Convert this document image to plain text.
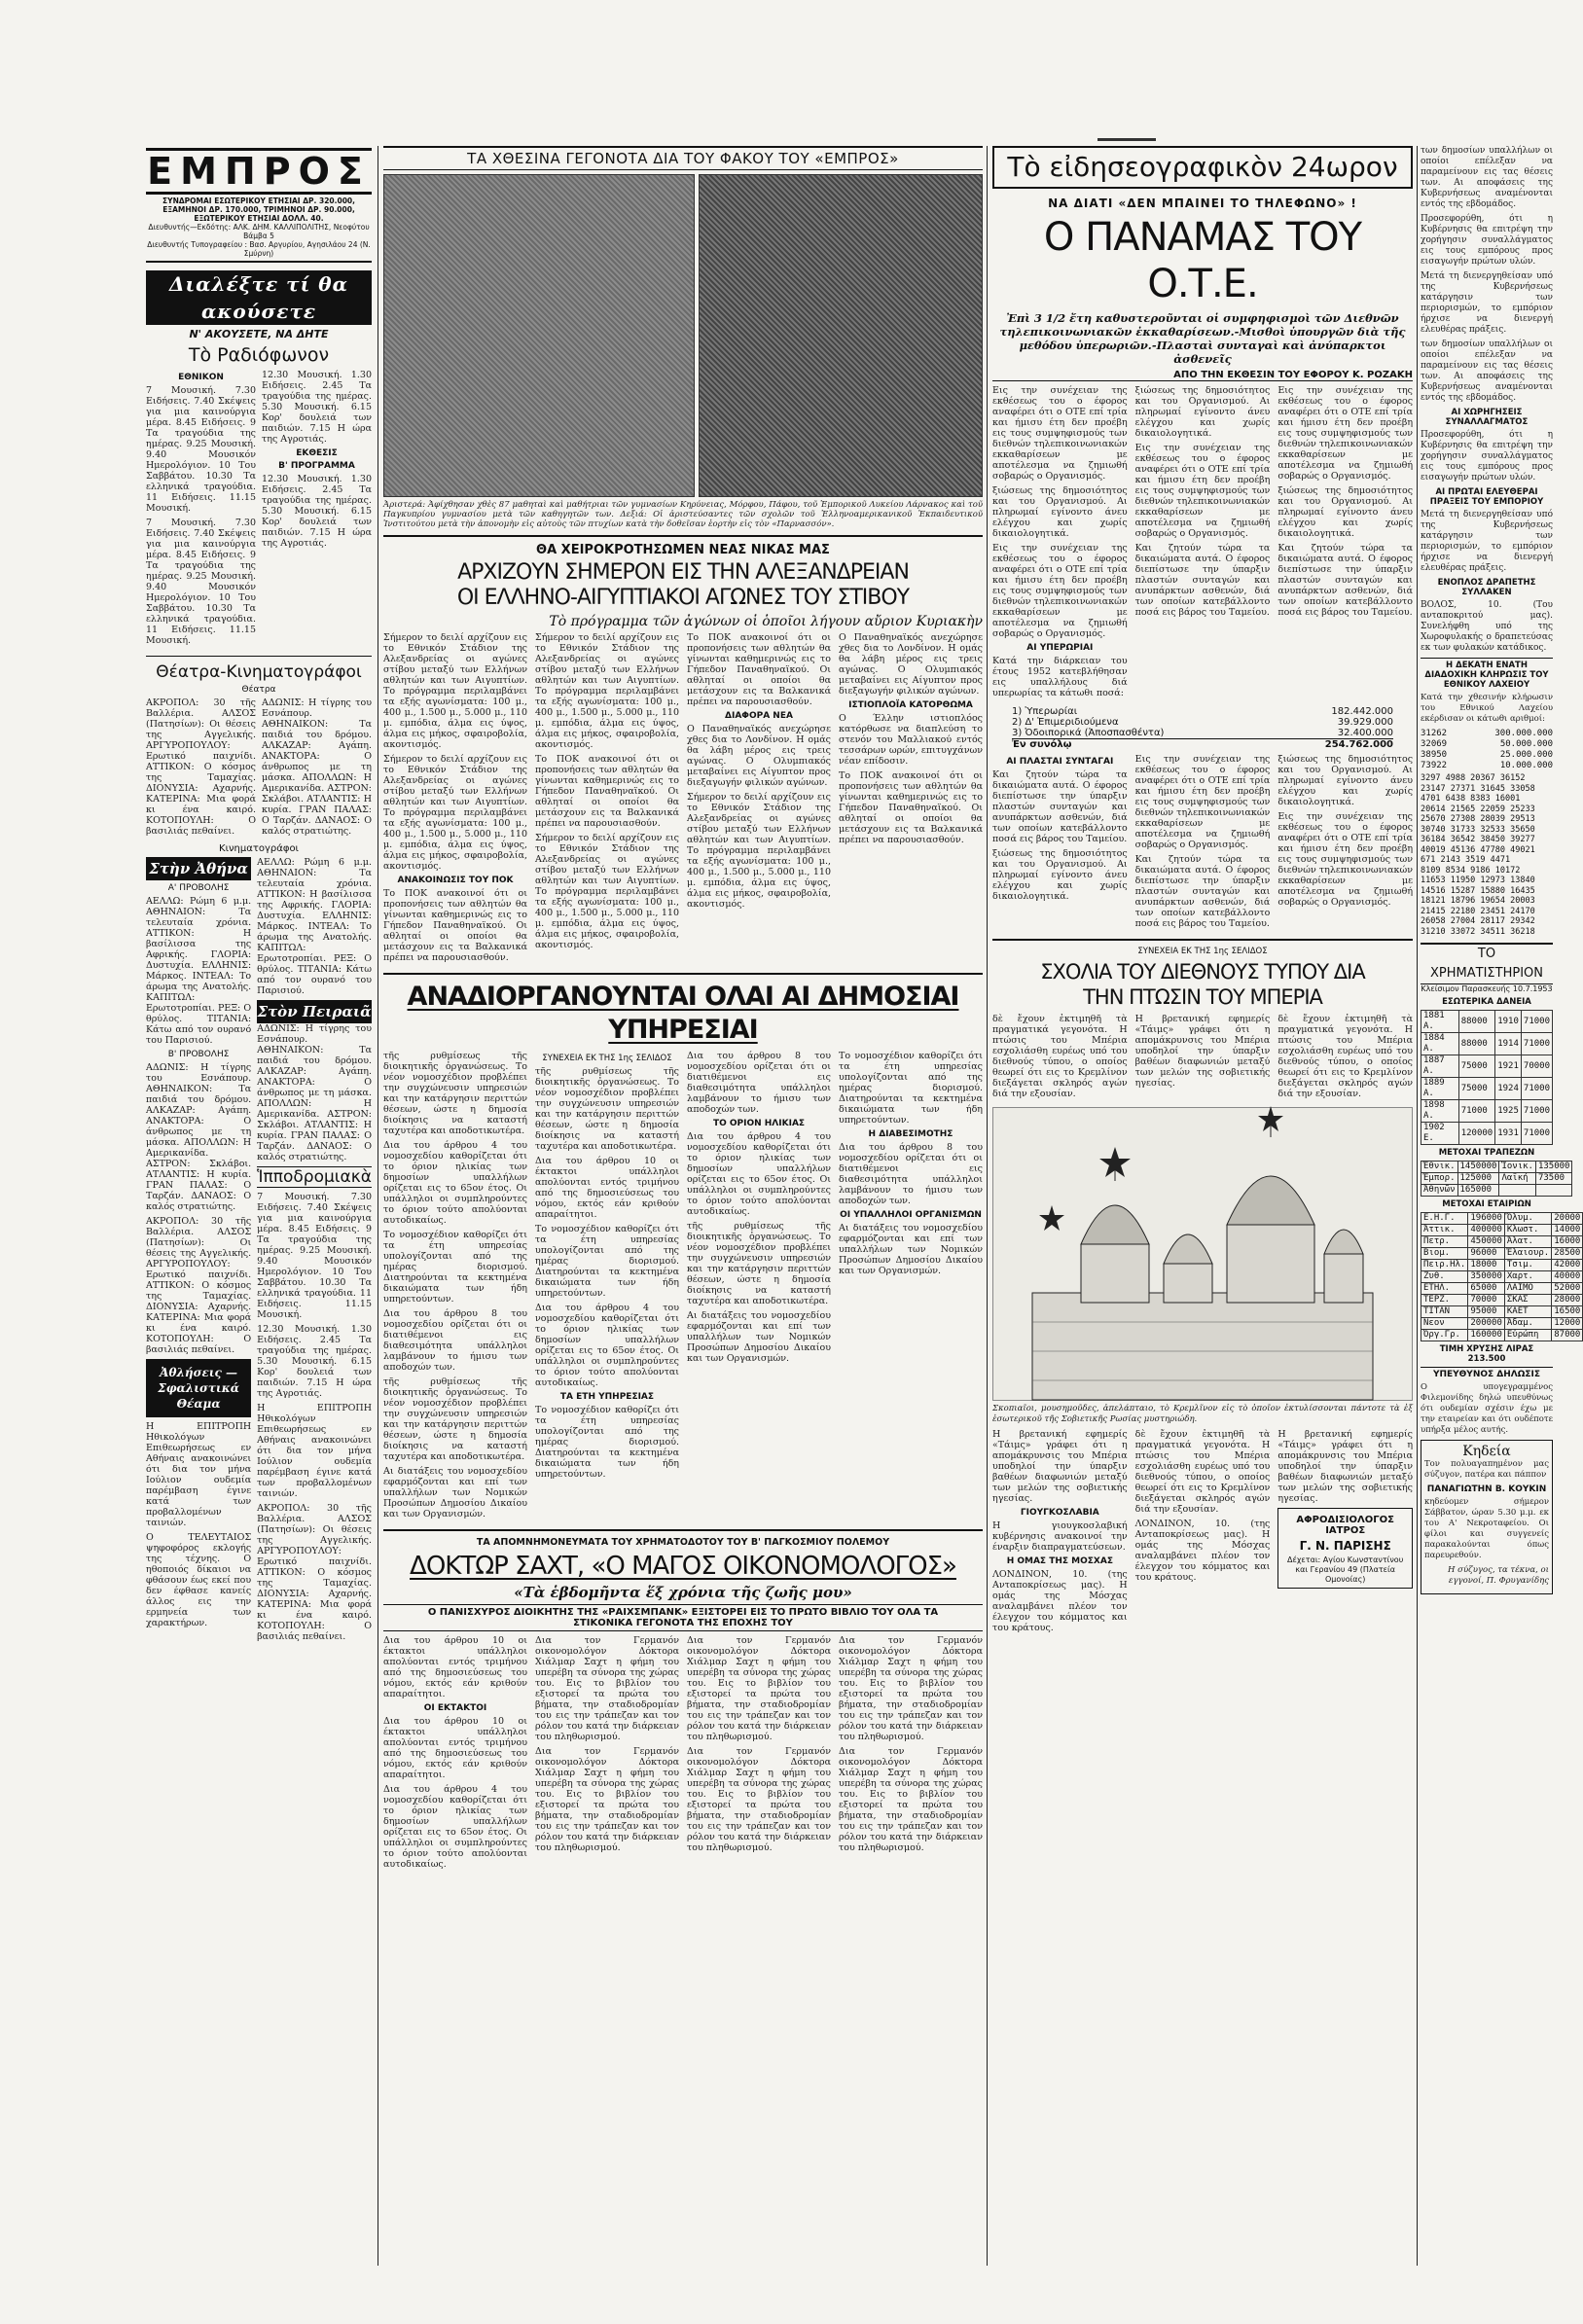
ΕΜΠΡΟΣ
ΣΥΝΔΡΟΜΑΙ ΕΣΩΤΕΡΙΚΟΥ ΕΤΗΣΙΑΙ ΔΡ. 320.000, ΕΞΑΜΗΝΟΙ ΔΡ. 170.000, ΤΡΙΜΗΝΟΙ ΔΡ. 90.000, ΕΞΩΤΕΡΙΚΟΥ ΕΤΗΣΙΑΙ ΔΟΛΛ. 40.
Διευθυντής—Εκδότης: ΑΛΚ. ΔΗΜ. ΚΑΛΛΙΠΟΛΙΤΗΣ, Νεοφύτου Βάμβα 5
Διευθυντής Τυπογραφείου : Βασ. Αργυρίου, Αγησιλάου 24 (Ν. Σμύρνη)
Διαλέξτε τί θα ακούσετε
Ν' ΑΚΟΥΣΕΤΕ, ΝΑ ΔΗΤΕ
Τὸ Ραδιόφωνον
ΕΘΝΙΚΟΝ

7 Μουσική. 7.30 Ειδήσεις. 7.40 Σκέψεις για μια καινούργια μέρα. 8.45 Ειδήσεις. 9 Τα τραγούδια της ημέρας. 9.25 Μουσική. 9.40 Μουσικόν Ημερολόγιον. 10 Του Σαββάτου. 10.30 Τα ελληνικά τραγούδια. 11 Ειδήσεις. 11.15 Μουσική.

7 Μουσική. 7.30 Ειδήσεις. 7.40 Σκέψεις για μια καινούργια μέρα. 8.45 Ειδήσεις. 9 Τα τραγούδια της ημέρας. 9.25 Μουσική. 9.40 Μουσικόν Ημερολόγιον. 10 Του Σαββάτου. 10.30 Τα ελληνικά τραγούδια. 11 Ειδήσεις. 11.15 Μουσική.

12.30 Μουσική. 1.30 Ειδήσεις. 2.45 Τα τραγούδια της ημέρας. 5.30 Μουσική. 6.15 Κορ' δουλειά των παιδιών. 7.15 Η ώρα της Αγροτιάς.

ΕΚΘΕΣΙΣ
Β' ΠΡΟΓΡΑΜΜΑ

12.30 Μουσική. 1.30 Ειδήσεις. 2.45 Τα τραγούδια της ημέρας. 5.30 Μουσική. 6.15 Κορ' δουλειά των παιδιών. 7.15 Η ώρα της Αγροτιάς.

Θέατρα-Κινηματογράφοι
Θέατρα

ΑΚΡΟΠΟΛ: 30 τῆς Βαλλέρια. ΑΛΣΟΣ (Πατησίων): Οι θέσεις της Αγγελικής. ΑΡΓΥΡΟΠΟΥΛΟΥ: Ερωτικό παιχνίδι. ΑΤΤΙΚΟΝ: Ο κόσμος της Ταμαχίας. ΔΙΟΝΥΣΙΑ: Αχαρνής. ΚΑΤΕΡΙΝΑ: Μια φορά κι ένα καιρό. ΚΟΤΟΠΟΥΛΗ: Ο βασιλιάς πεθαίνει.

ΑΔΩΝΙΣ: Η τίγρης του Εσνάπουρ. ΑΘΗΝΑΙΚΟΝ: Τα παιδιά του δρόμου. ΑΛΚΑΖΑΡ: Αγάπη. ΑΝΑΚΤΟΡΑ: Ο άνθρωπος με τη μάσκα. ΑΠΟΛΛΩΝ: Η Αμερικανίδα. ΑΣΤΡΟΝ: Σκλάβοι. ΑΤΛΑΝΤΙΣ: Η κυρία. ΓΡΑΝ ΠΑΛΑΣ: Ο Ταρζάν. ΔΑΝΑΟΣ: Ο καλός στρατιώτης.

Κινηματογράφοι
Στὴν Ἀθήνα
Α' ΠΡΟΒΟΛΗΣ

ΑΕΛΛΩ: Ρώμη 6 μ.μ. ΑΘΗΝΑΙΟΝ: Τα τελευταία χρόνια. ΑΤΤΙΚΟΝ: Η βασίλισσα της Αφρικής. ΓΛΟΡΙΑ: Δυστυχία. ΕΛΛΗΝΙΣ: Μάρκος. ΙΝΤΕΑΛ: Το άρωμα της Ανατολής. ΚΑΠΙΤΩΛ: Ερωτοτροπίαι. ΡΕΞ: Ο θρύλος. ΤΙΤΑΝΙΑ: Κάτω από τον ουρανό του Παρισιού.

Β' ΠΡΟΒΟΛΗΣ

ΑΔΩΝΙΣ: Η τίγρης του Εσνάπουρ. ΑΘΗΝΑΙΚΟΝ: Τα παιδιά του δρόμου. ΑΛΚΑΖΑΡ: Αγάπη. ΑΝΑΚΤΟΡΑ: Ο άνθρωπος με τη μάσκα. ΑΠΟΛΛΩΝ: Η Αμερικανίδα. ΑΣΤΡΟΝ: Σκλάβοι. ΑΤΛΑΝΤΙΣ: Η κυρία. ΓΡΑΝ ΠΑΛΑΣ: Ο Ταρζάν. ΔΑΝΑΟΣ: Ο καλός στρατιώτης.

ΑΚΡΟΠΟΛ: 30 τῆς Βαλλέρια. ΑΛΣΟΣ (Πατησίων): Οι θέσεις της Αγγελικής. ΑΡΓΥΡΟΠΟΥΛΟΥ: Ερωτικό παιχνίδι. ΑΤΤΙΚΟΝ: Ο κόσμος της Ταμαχίας. ΔΙΟΝΥΣΙΑ: Αχαρνής. ΚΑΤΕΡΙΝΑ: Μια φορά κι ένα καιρό. ΚΟΤΟΠΟΥΛΗ: Ο βασιλιάς πεθαίνει.

Ἀθλήσεις — Σφαλιστικά Θέαμα

Η ΕΠΙΤΡΟΠΗ Ηθικολόγων Επιθεωρήσεως εν Αθήναις ανακοινώνει ότι δια τον μήνα Ιούλιον ουδεμία παρέμβαση έγινε κατά των προβαλλομένων ταινιών.

Ο ΤΕΛΕΥΤΑΙΟΣ ψηφοφόρος εκλογής της τέχνης. Ο ηθοποιός δίκαιοι να φθάσουν έως εκεί που δεν έφθασε κανείς άλλος εις την ερμηνεία των χαρακτήρων.

ΑΕΛΛΩ: Ρώμη 6 μ.μ. ΑΘΗΝΑΙΟΝ: Τα τελευταία χρόνια. ΑΤΤΙΚΟΝ: Η βασίλισσα της Αφρικής. ΓΛΟΡΙΑ: Δυστυχία. ΕΛΛΗΝΙΣ: Μάρκος. ΙΝΤΕΑΛ: Το άρωμα της Ανατολής. ΚΑΠΙΤΩΛ: Ερωτοτροπίαι. ΡΕΞ: Ο θρύλος. ΤΙΤΑΝΙΑ: Κάτω από τον ουρανό του Παρισιού.

Στὸν Πειραιᾶ

ΑΔΩΝΙΣ: Η τίγρης του Εσνάπουρ. ΑΘΗΝΑΙΚΟΝ: Τα παιδιά του δρόμου. ΑΛΚΑΖΑΡ: Αγάπη. ΑΝΑΚΤΟΡΑ: Ο άνθρωπος με τη μάσκα. ΑΠΟΛΛΩΝ: Η Αμερικανίδα. ΑΣΤΡΟΝ: Σκλάβοι. ΑΤΛΑΝΤΙΣ: Η κυρία. ΓΡΑΝ ΠΑΛΑΣ: Ο Ταρζάν. ΔΑΝΑΟΣ: Ο καλός στρατιώτης.

Ἱπποδρομιακὰ

7 Μουσική. 7.30 Ειδήσεις. 7.40 Σκέψεις για μια καινούργια μέρα. 8.45 Ειδήσεις. 9 Τα τραγούδια της ημέρας. 9.25 Μουσική. 9.40 Μουσικόν Ημερολόγιον. 10 Του Σαββάτου. 10.30 Τα ελληνικά τραγούδια. 11 Ειδήσεις. 11.15 Μουσική.

12.30 Μουσική. 1.30 Ειδήσεις. 2.45 Τα τραγούδια της ημέρας. 5.30 Μουσική. 6.15 Κορ' δουλειά των παιδιών. 7.15 Η ώρα της Αγροτιάς.

Η ΕΠΙΤΡΟΠΗ Ηθικολόγων Επιθεωρήσεως εν Αθήναις ανακοινώνει ότι δια τον μήνα Ιούλιον ουδεμία παρέμβαση έγινε κατά των προβαλλομένων ταινιών.

ΑΚΡΟΠΟΛ: 30 τῆς Βαλλέρια. ΑΛΣΟΣ (Πατησίων): Οι θέσεις της Αγγελικής. ΑΡΓΥΡΟΠΟΥΛΟΥ: Ερωτικό παιχνίδι. ΑΤΤΙΚΟΝ: Ο κόσμος της Ταμαχίας. ΔΙΟΝΥΣΙΑ: Αχαρνής. ΚΑΤΕΡΙΝΑ: Μια φορά κι ένα καιρό. ΚΟΤΟΠΟΥΛΗ: Ο βασιλιάς πεθαίνει.

ΤΑ ΧΘΕΣΙΝΑ ΓΕΓΟΝΟΤΑ ΔΙΑ ΤΟΥ ΦΑΚΟΥ ΤΟΥ «ΕΜΠΡΟΣ»

Ἀριστερά: Ἀφίχθησαν χθὲς 87 μαθηταὶ καὶ μαθήτριαι τῶν γυμνασίων Κηρύνειας, Μόρφου, Πάφου, τοῦ Ἑμπορικοῦ Λυκείου Λάρνακος καὶ τοῦ Παγκυπρίου γυμνασίου μετὰ τῶν καθηγητῶν των. Δεξιά: Οἱ ἀριστεύσαντες τῶν σχολῶν τοῦ Ἑλληνοαμερικανικοῦ Ἐκπαιδευτικοῦ Ἰνστιτούτου μετὰ τὴν ἀπονομὴν εἰς αὐτοὺς τῶν πτυχίων κατὰ τὴν δοθεῖσαν ἑορτὴν εἰς τὸν «Παρνασσόν».

ΘΑ ΧΕΙΡΟΚΡΟΤΗΣΩΜΕΝ ΝΕΑΣ ΝΙΚΑΣ ΜΑΣ
ΑΡΧΙΖΟΥΝ ΣΗΜΕΡΟΝ ΕΙΣ ΤΗΝ ΑΛΕΞΑΝΔΡΕΙΑΝ
ΟΙ ΕΛΛΗΝΟ-ΑΙΓΥΠΤΙΑΚΟΙ ΑΓΩΝΕΣ ΤΟΥ ΣΤΙΒΟΥ
Τὸ πρόγραμμα τῶν ἀγώνων οἱ ὁποῖοι λήγουν αὔριον Κυριακὴν

Σήμερον το δειλί αρχίζουν εις το Εθνικόν Στάδιον της Αλεξανδρείας οι αγώνες στίβου μεταξύ των Ελλήνων αθλητών και των Αιγυπτίων. Το πρόγραμμα περιλαμβάνει τα εξής αγωνίσματα: 100 μ., 400 μ., 1.500 μ., 5.000 μ., 110 μ. εμπόδια, άλμα εις ύψος, άλμα εις μήκος, σφαιροβολία, ακοντισμός.

Σήμερον το δειλί αρχίζουν εις το Εθνικόν Στάδιον της Αλεξανδρείας οι αγώνες στίβου μεταξύ των Ελλήνων αθλητών και των Αιγυπτίων. Το πρόγραμμα περιλαμβάνει τα εξής αγωνίσματα: 100 μ., 400 μ., 1.500 μ., 5.000 μ., 110 μ. εμπόδια, άλμα εις ύψος, άλμα εις μήκος, σφαιροβολία, ακοντισμός.

ΑΝΑΚΟΙΝΩΣΙΣ ΤΟΥ ΠΟΚ

Το ΠΟΚ ανακοινοί ότι οι προπονήσεις των αθλητών θα γίνωνται καθημερινώς εις το Γήπεδον Παναθηναϊκού. Οι αθληταί οι οποίοι θα μετάσχουν εις τα Βαλκανικά πρέπει να παρουσιασθούν.

Σήμερον το δειλί αρχίζουν εις το Εθνικόν Στάδιον της Αλεξανδρείας οι αγώνες στίβου μεταξύ των Ελλήνων αθλητών και των Αιγυπτίων. Το πρόγραμμα περιλαμβάνει τα εξής αγωνίσματα: 100 μ., 400 μ., 1.500 μ., 5.000 μ., 110 μ. εμπόδια, άλμα εις ύψος, άλμα εις μήκος, σφαιροβολία, ακοντισμός.

Το ΠΟΚ ανακοινοί ότι οι προπονήσεις των αθλητών θα γίνωνται καθημερινώς εις το Γήπεδον Παναθηναϊκού. Οι αθληταί οι οποίοι θα μετάσχουν εις τα Βαλκανικά πρέπει να παρουσιασθούν.

Σήμερον το δειλί αρχίζουν εις το Εθνικόν Στάδιον της Αλεξανδρείας οι αγώνες στίβου μεταξύ των Ελλήνων αθλητών και των Αιγυπτίων. Το πρόγραμμα περιλαμβάνει τα εξής αγωνίσματα: 100 μ., 400 μ., 1.500 μ., 5.000 μ., 110 μ. εμπόδια, άλμα εις ύψος, άλμα εις μήκος, σφαιροβολία, ακοντισμός.

Το ΠΟΚ ανακοινοί ότι οι προπονήσεις των αθλητών θα γίνωνται καθημερινώς εις το Γήπεδον Παναθηναϊκού. Οι αθληταί οι οποίοι θα μετάσχουν εις τα Βαλκανικά πρέπει να παρουσιασθούν.

ΔΙΑΦΟΡΑ ΝΕΑ

Ο Παναθηναϊκός ανεχώρησε χθες δια το Λονδίνον. Η ομάς θα λάβη μέρος εις τρεις αγώνας. Ο Ολυμπιακός μεταβαίνει εις Αίγυπτον προς διεξαγωγήν φιλικών αγώνων.

Σήμερον το δειλί αρχίζουν εις το Εθνικόν Στάδιον της Αλεξανδρείας οι αγώνες στίβου μεταξύ των Ελλήνων αθλητών και των Αιγυπτίων. Το πρόγραμμα περιλαμβάνει τα εξής αγωνίσματα: 100 μ., 400 μ., 1.500 μ., 5.000 μ., 110 μ. εμπόδια, άλμα εις ύψος, άλμα εις μήκος, σφαιροβολία, ακοντισμός.

Ο Παναθηναϊκός ανεχώρησε χθες δια το Λονδίνον. Η ομάς θα λάβη μέρος εις τρεις αγώνας. Ο Ολυμπιακός μεταβαίνει εις Αίγυπτον προς διεξαγωγήν φιλικών αγώνων.

ΙΣΤΙΟΠΛΟΪΑ ΚΑΤΟΡΘΩΜΑ

Ο Έλλην ιστιοπλόος κατόρθωσε να διαπλεύση το στενόν του Μαλλιακού εντός τεσσάρων ωρών, επιτυγχάνων νέαν επίδοσιν.

Το ΠΟΚ ανακοινοί ότι οι προπονήσεις των αθλητών θα γίνωνται καθημερινώς εις το Γήπεδον Παναθηναϊκού. Οι αθληταί οι οποίοι θα μετάσχουν εις τα Βαλκανικά πρέπει να παρουσιασθούν.

ΑΝΑΔΙΟΡΓΑΝΟΥΝΤΑΙ ΟΛΑΙ ΑΙ ΔΗΜΟΣΙΑΙ ΥΠΗΡΕΣΙΑΙ

τῆς ρυθμίσεως τῆς διοικητικῆς ὀργανώσεως. Το νέον νομοσχέδιον προβλέπει την συγχώνευσιν υπηρεσιών και την κατάργησιν περιττών θέσεων, ώστε η δημοσία διοίκησις να καταστή ταχυτέρα και αποδοτικωτέρα.

Δια του άρθρου 4 του νομοσχεδίου καθορίζεται ότι το όριον ηλικίας των δημοσίων υπαλλήλων ορίζεται εις το 65ον έτος. Οι υπάλληλοι οι συμπληρούντες το όριον τούτο απολύονται αυτοδικαίως.

Το νομοσχέδιον καθορίζει ότι τα έτη υπηρεσίας υπολογίζονται από της ημέρας διορισμού. Διατηρούνται τα κεκτημένα δικαιώματα των ήδη υπηρετούντων.

Δια του άρθρου 8 του νομοσχεδίου ορίζεται ότι οι διατιθέμενοι εις διαθεσιμότητα υπάλληλοι λαμβάνουν το ήμισυ των αποδοχών των.

τῆς ρυθμίσεως τῆς διοικητικῆς ὀργανώσεως. Το νέον νομοσχέδιον προβλέπει την συγχώνευσιν υπηρεσιών και την κατάργησιν περιττών θέσεων, ώστε η δημοσία διοίκησις να καταστή ταχυτέρα και αποδοτικωτέρα.

Αι διατάξεις του νομοσχεδίου εφαρμόζονται και επί των υπαλλήλων των Νομικών Προσώπων Δημοσίου Δικαίου και των Οργανισμών.

ΣΥΝΕΧΕΙΑ ΕΚ ΤΗΣ 1ης ΣΕΛΙΔΟΣ

τῆς ρυθμίσεως τῆς διοικητικῆς ὀργανώσεως. Το νέον νομοσχέδιον προβλέπει την συγχώνευσιν υπηρεσιών και την κατάργησιν περιττών θέσεων, ώστε η δημοσία διοίκησις να καταστή ταχυτέρα και αποδοτικωτέρα.

Δια του άρθρου 10 οι έκτακτοι υπάλληλοι απολύονται εντός τριμήνου από της δημοσιεύσεως του νόμου, εκτός εάν κριθούν απαραίτητοι.

Το νομοσχέδιον καθορίζει ότι τα έτη υπηρεσίας υπολογίζονται από της ημέρας διορισμού. Διατηρούνται τα κεκτημένα δικαιώματα των ήδη υπηρετούντων.

Δια του άρθρου 4 του νομοσχεδίου καθορίζεται ότι το όριον ηλικίας των δημοσίων υπαλλήλων ορίζεται εις το 65ον έτος. Οι υπάλληλοι οι συμπληρούντες το όριον τούτο απολύονται αυτοδικαίως.

ΤΑ ΕΤΗ ΥΠΗΡΕΣΙΑΣ

Το νομοσχέδιον καθορίζει ότι τα έτη υπηρεσίας υπολογίζονται από της ημέρας διορισμού. Διατηρούνται τα κεκτημένα δικαιώματα των ήδη υπηρετούντων.

Δια του άρθρου 8 του νομοσχεδίου ορίζεται ότι οι διατιθέμενοι εις διαθεσιμότητα υπάλληλοι λαμβάνουν το ήμισυ των αποδοχών των.

ΤΟ ΟΡΙΟΝ ΗΛΙΚΙΑΣ

Δια του άρθρου 4 του νομοσχεδίου καθορίζεται ότι το όριον ηλικίας των δημοσίων υπαλλήλων ορίζεται εις το 65ον έτος. Οι υπάλληλοι οι συμπληρούντες το όριον τούτο απολύονται αυτοδικαίως.

τῆς ρυθμίσεως τῆς διοικητικῆς ὀργανώσεως. Το νέον νομοσχέδιον προβλέπει την συγχώνευσιν υπηρεσιών και την κατάργησιν περιττών θέσεων, ώστε η δημοσία διοίκησις να καταστή ταχυτέρα και αποδοτικωτέρα.

Αι διατάξεις του νομοσχεδίου εφαρμόζονται και επί των υπαλλήλων των Νομικών Προσώπων Δημοσίου Δικαίου και των Οργανισμών.

Το νομοσχέδιον καθορίζει ότι τα έτη υπηρεσίας υπολογίζονται από της ημέρας διορισμού. Διατηρούνται τα κεκτημένα δικαιώματα των ήδη υπηρετούντων.

Η ΔΙΑΒΕΣΙΜΟΤΗΣ

Δια του άρθρου 8 του νομοσχεδίου ορίζεται ότι οι διατιθέμενοι εις διαθεσιμότητα υπάλληλοι λαμβάνουν το ήμισυ των αποδοχών των.

ΟΙ ΥΠΑΛΛΗΛΟΙ ΟΡΓΑΝΙΣΜΩΝ

Αι διατάξεις του νομοσχεδίου εφαρμόζονται και επί των υπαλλήλων των Νομικών Προσώπων Δημοσίου Δικαίου και των Οργανισμών.

ΤΑ ΑΠΟΜΝΗΜΟΝΕΥΜΑΤΑ ΤΟΥ ΧΡΗΜΑΤΟΔΟΤΟΥ ΤΟΥ Β' ΠΑΓΚΟΣΜΙΟΥ ΠΟΛΕΜΟΥ
ΔΟΚΤΩΡ ΣΑΧΤ, «Ο ΜΑΓΟΣ ΟΙΚΟΝΟΜΟΛΟΓΟΣ»
«Τὰ ἑβδομῆντα ἕξ χρόνια τῆς ζωῆς μου»
Ο ΠΑΝΙΣΧΥΡΟΣ ΔΙΟΙΚΗΤΗΣ ΤΗΣ «ΡΑΙΧΣΜΠΑΝΚ» ΕΞΙΣΤΟΡΕΙ ΕΙΣ ΤΟ ΠΡΩΤΟ ΒΙΒΛΙΟ ΤΟΥ ΟΛΑ ΤΑ ΣΤΙΚΟΝΙΚΑ ΓΕΓΟΝΟΤΑ ΤΗΣ ΕΠΟΧΗΣ ΤΟΥ

Δια του άρθρου 10 οι έκτακτοι υπάλληλοι απολύονται εντός τριμήνου από της δημοσιεύσεως του νόμου, εκτός εάν κριθούν απαραίτητοι.

ΟΙ ΕΚΤΑΚΤΟΙ

Δια του άρθρου 10 οι έκτακτοι υπάλληλοι απολύονται εντός τριμήνου από της δημοσιεύσεως του νόμου, εκτός εάν κριθούν απαραίτητοι.

Δια του άρθρου 4 του νομοσχεδίου καθορίζεται ότι το όριον ηλικίας των δημοσίων υπαλλήλων ορίζεται εις το 65ον έτος. Οι υπάλληλοι οι συμπληρούντες το όριον τούτο απολύονται αυτοδικαίως.

Δια τον Γερμανόν οικονομολόγον Δόκτορα Χιάλμαρ Σαχτ η φήμη του υπερέβη τα σύνορα της χώρας του. Εις το βιβλίον του εξιστορεί τα πρώτα του βήματα, την σταδιοδρομίαν του εις την τράπεζαν και τον ρόλον του κατά την διάρκειαν του πληθωρισμού.

Δια τον Γερμανόν οικονομολόγον Δόκτορα Χιάλμαρ Σαχτ η φήμη του υπερέβη τα σύνορα της χώρας του. Εις το βιβλίον του εξιστορεί τα πρώτα του βήματα, την σταδιοδρομίαν του εις την τράπεζαν και τον ρόλον του κατά την διάρκειαν του πληθωρισμού.

Δια τον Γερμανόν οικονομολόγον Δόκτορα Χιάλμαρ Σαχτ η φήμη του υπερέβη τα σύνορα της χώρας του. Εις το βιβλίον του εξιστορεί τα πρώτα του βήματα, την σταδιοδρομίαν του εις την τράπεζαν και τον ρόλον του κατά την διάρκειαν του πληθωρισμού.

Δια τον Γερμανόν οικονομολόγον Δόκτορα Χιάλμαρ Σαχτ η φήμη του υπερέβη τα σύνορα της χώρας του. Εις το βιβλίον του εξιστορεί τα πρώτα του βήματα, την σταδιοδρομίαν του εις την τράπεζαν και τον ρόλον του κατά την διάρκειαν του πληθωρισμού.

Δια τον Γερμανόν οικονομολόγον Δόκτορα Χιάλμαρ Σαχτ η φήμη του υπερέβη τα σύνορα της χώρας του. Εις το βιβλίον του εξιστορεί τα πρώτα του βήματα, την σταδιοδρομίαν του εις την τράπεζαν και τον ρόλον του κατά την διάρκειαν του πληθωρισμού.

Δια τον Γερμανόν οικονομολόγον Δόκτορα Χιάλμαρ Σαχτ η φήμη του υπερέβη τα σύνορα της χώρας του. Εις το βιβλίον του εξιστορεί τα πρώτα του βήματα, την σταδιοδρομίαν του εις την τράπεζαν και τον ρόλον του κατά την διάρκειαν του πληθωρισμού.

Τὸ εἰδησεογραφικὸν 24ωρον
ΝΑ ΔΙΑΤΙ «ΔΕΝ ΜΠΑΙΝΕΙ ΤΟ ΤΗΛΕΦΩΝΟ» !
Ο ΠΑΝΑΜΑΣ ΤΟΥ Ο.Τ.Ε.
Ἐπὶ 3 1/2 ἔτη καθυστεροῦνται οἱ συμφηφισμοὶ τῶν Διεθνῶν τηλεπικοινωνιακῶν ἐκκαθαρίσεων.-Μισθοὶ ὑπουργῶν διὰ τῆς μεθόδου ὑπερωριῶν.-Πλασταὶ συνταγαὶ καὶ ἀνύπαρκτοι ἀσθενεῖς
ΑΠΟ ΤΗΝ ΕΚΘΕΣΙΝ ΤΟΥ ΕΦΟΡΟΥ Κ. ΡΟΖΑΚΗ

Εις την συνέχειαν της εκθέσεως του ο έφορος αναφέρει ότι ο ΟΤΕ επί τρία και ήμισυ έτη δεν προέβη εις τους συμψηφισμούς των διεθνών τηλεπικοινωνιακών εκκαθαρίσεων με αποτέλεσμα να ζημιωθή σοβαρώς ο Οργανισμός.

ξιώσεως της δημοσιότητος και του Οργανισμού. Αι πληρωμαί εγίνοντο άνευ ελέγχου και χωρίς δικαιολογητικά.

Εις την συνέχειαν της εκθέσεως του ο έφορος αναφέρει ότι ο ΟΤΕ επί τρία και ήμισυ έτη δεν προέβη εις τους συμψηφισμούς των διεθνών τηλεπικοινωνιακών εκκαθαρίσεων με αποτέλεσμα να ζημιωθή σοβαρώς ο Οργανισμός.

ΑΙ ΥΠΕΡΩΡΙΑΙ

Κατά την διάρκειαν του έτους 1952 κατεβλήθησαν εις υπαλλήλους διά υπερωρίας τα κάτωθι ποσά:

ξιώσεως της δημοσιότητος και του Οργανισμού. Αι πληρωμαί εγίνοντο άνευ ελέγχου και χωρίς δικαιολογητικά.

Εις την συνέχειαν της εκθέσεως του ο έφορος αναφέρει ότι ο ΟΤΕ επί τρία και ήμισυ έτη δεν προέβη εις τους συμψηφισμούς των διεθνών τηλεπικοινωνιακών εκκαθαρίσεων με αποτέλεσμα να ζημιωθή σοβαρώς ο Οργανισμός.

Και ζητούν τώρα τα δικαιώματα αυτά. Ο έφορος διεπίστωσε την ύπαρξιν πλαστών συνταγών και ανυπάρκτων ασθενών, διά των οποίων κατεβάλλοντο ποσά εις βάρος του Ταμείου.

Εις την συνέχειαν της εκθέσεως του ο έφορος αναφέρει ότι ο ΟΤΕ επί τρία και ήμισυ έτη δεν προέβη εις τους συμψηφισμούς των διεθνών τηλεπικοινωνιακών εκκαθαρίσεων με αποτέλεσμα να ζημιωθή σοβαρώς ο Οργανισμός.

ξιώσεως της δημοσιότητος και του Οργανισμού. Αι πληρωμαί εγίνοντο άνευ ελέγχου και χωρίς δικαιολογητικά.

Και ζητούν τώρα τα δικαιώματα αυτά. Ο έφορος διεπίστωσε την ύπαρξιν πλαστών συνταγών και ανυπάρκτων ασθενών, διά των οποίων κατεβάλλοντο ποσά εις βάρος του Ταμείου.

1) Ὑπερωρίαι	182.442.000
2) Δ' Ἐπιμεριδιούμενα	39.929.000
3) Ὀδοιπορικά (Ἀποσπασθέντα)	32.400.000
Ἐν συνόλῳ	254.762.000
ΑΙ ΠΛΑΣΤΑΙ ΣΥΝΤΑΓΑΙ

Και ζητούν τώρα τα δικαιώματα αυτά. Ο έφορος διεπίστωσε την ύπαρξιν πλαστών συνταγών και ανυπάρκτων ασθενών, διά των οποίων κατεβάλλοντο ποσά εις βάρος του Ταμείου.

ξιώσεως της δημοσιότητος και του Οργανισμού. Αι πληρωμαί εγίνοντο άνευ ελέγχου και χωρίς δικαιολογητικά.

Εις την συνέχειαν της εκθέσεως του ο έφορος αναφέρει ότι ο ΟΤΕ επί τρία και ήμισυ έτη δεν προέβη εις τους συμψηφισμούς των διεθνών τηλεπικοινωνιακών εκκαθαρίσεων με αποτέλεσμα να ζημιωθή σοβαρώς ο Οργανισμός.

Και ζητούν τώρα τα δικαιώματα αυτά. Ο έφορος διεπίστωσε την ύπαρξιν πλαστών συνταγών και ανυπάρκτων ασθενών, διά των οποίων κατεβάλλοντο ποσά εις βάρος του Ταμείου.

ξιώσεως της δημοσιότητος και του Οργανισμού. Αι πληρωμαί εγίνοντο άνευ ελέγχου και χωρίς δικαιολογητικά.

Εις την συνέχειαν της εκθέσεως του ο έφορος αναφέρει ότι ο ΟΤΕ επί τρία και ήμισυ έτη δεν προέβη εις τους συμψηφισμούς των διεθνών τηλεπικοινωνιακών εκκαθαρίσεων με αποτέλεσμα να ζημιωθή σοβαρώς ο Οργανισμός.

ΣΥΝΕΧΕΙΑ ΕΚ ΤΗΣ 1ης ΣΕΛΙΔΟΣ
ΣΧΟΛΙΑ ΤΟΥ ΔΙΕΘΝΟΥΣ ΤΥΠΟΥ ΔΙΑ ΤΗΝ ΠΤΩΣΙΝ ΤΟΥ ΜΠΕΡΙΑ

δὲ ἔχουν ἐκτιμηθῆ τὰ πραγματικά γεγονότα. Η πτώσις του Μπέρια εσχολιάσθη ευρέως υπό του διεθνούς τύπου, ο οποίος θεωρεί ότι εις το Κρεμλίνον διεξάγεται σκληρός αγών διά την εξουσίαν.

Η βρετανική εφημερίς «Τάιμς» γράφει ότι η απομάκρυνσις του Μπέρια υποδηλοί την ύπαρξιν βαθέων διαφωνιών μεταξύ των μελών της σοβιετικής ηγεσίας.

δὲ ἔχουν ἐκτιμηθῆ τὰ πραγματικά γεγονότα. Η πτώσις του Μπέρια εσχολιάσθη ευρέως υπό του διεθνούς τύπου, ο οποίος θεωρεί ότι εις το Κρεμλίνον διεξάγεται σκληρός αγών διά την εξουσίαν.

Σκοπιαῖοι, μουσημοῦδες, ἀπελάπταιο, τὸ Κρεμλῖνον εἰς τὸ ὁποῖον ἐκτυλίσσονται πάντοτε τὰ ἐξ ἐσωτερικοῦ τῆς Σοβιετικῆς Ρωσίας μυστηριώδη.

Η βρετανική εφημερίς «Τάιμς» γράφει ότι η απομάκρυνσις του Μπέρια υποδηλοί την ύπαρξιν βαθέων διαφωνιών μεταξύ των μελών της σοβιετικής ηγεσίας.

ΓΙΟΥΓΚΟΣΛΑΒΙΑ

Η γιουγκοσλαβική κυβέρνησις ανακοινοί την έναρξιν διαπραγματεύσεων.

Η ΟΜΑΣ ΤΗΣ ΜΟΣΧΑΣ

ΛΟΝΔΙΝΟΝ, 10. (της Ανταποκρίσεως μας). Η ομάς της Μόσχας αναλαμβάνει πλέον τον έλεγχον του κόμματος και του κράτους.

δὲ ἔχουν ἐκτιμηθῆ τὰ πραγματικά γεγονότα. Η πτώσις του Μπέρια εσχολιάσθη ευρέως υπό του διεθνούς τύπου, ο οποίος θεωρεί ότι εις το Κρεμλίνον διεξάγεται σκληρός αγών διά την εξουσίαν.

ΛΟΝΔΙΝΟΝ, 10. (της Ανταποκρίσεως μας). Η ομάς της Μόσχας αναλαμβάνει πλέον τον έλεγχον του κόμματος και του κράτους.

Η βρετανική εφημερίς «Τάιμς» γράφει ότι η απομάκρυνσις του Μπέρια υποδηλοί την ύπαρξιν βαθέων διαφωνιών μεταξύ των μελών της σοβιετικής ηγεσίας.

ΑΦΡΟΔΙΣΙΟΛΟΓΟΣ ΙΑΤΡΟΣ
Γ. Ν. ΠΑΡΙΣΗΣ
Δέχεται: Αγίου Κωνσταντίνου και Γερανίου 49 (Πλατεία Ομονοίας)

των δημοσίων υπαλλήλων οι οποίοι επέλεξαν να παραμείνουν εις τας θέσεις των. Αι αποφάσεις της Κυβερνήσεως αναμένονται εντός της εβδομάδος.

Προσεφορύθη, ότι η Κυβέρνησις θα επιτρέψη την χορήγησιν συναλλάγματος εις τους εμπόρους προς εισαγωγήν πρώτων υλών.

Μετά τη διενεργηθείσαν υπό της Κυβερνήσεως κατάργησιν των περιορισμών, το εμπόριον ήρχισε να διενεργή ελευθέρας πράξεις.

των δημοσίων υπαλλήλων οι οποίοι επέλεξαν να παραμείνουν εις τας θέσεις των. Αι αποφάσεις της Κυβερνήσεως αναμένονται εντός της εβδομάδος.

ΑΙ ΧΩΡΗΓΗΣΕΙΣ ΣΥΝΑΛΛΑΓΜΑΤΟΣ

Προσεφορύθη, ότι η Κυβέρνησις θα επιτρέψη την χορήγησιν συναλλάγματος εις τους εμπόρους προς εισαγωγήν πρώτων υλών.

ΑΙ ΠΡΩΤΑΙ ΕΛΕΥΘΕΡΑΙ ΠΡΑΞΕΙΣ ΤΟΥ ΕΜΠΟΡΙΟΥ

Μετά τη διενεργηθείσαν υπό της Κυβερνήσεως κατάργησιν των περιορισμών, το εμπόριον ήρχισε να διενεργή ελευθέρας πράξεις.

ΕΝΟΠΛΟΣ ΔΡΑΠΕΤΗΣ ΣΥΛΛΑΚΕΝ

ΒΟΛΟΣ, 10. (Του ανταποκριτού μας). Συνελήφθη υπό της Χωροφυλακής ο δραπετεύσας εκ των φυλακών κατάδικος.

Η ΔΕΚΑΤΗ ΕΝΑΤΗ ΔΙΑΔΟΧΙΚΗ ΚΛΗΡΩΣΙΣ ΤΟΥ ΕΘΝΙΚΟΥ ΛΑΧΕΙΟΥ

Κατά την χθεσινήν κλήρωσιν του Εθνικού Λαχείου εκέρδισαν οι κάτωθι αριθμοί:

31262	300.000.000
32069	50.000.000
38950	25.000.000
73922	10.000.000
3297 4988 20367 36152
23147 27371 31645 33058
4701 6438 8383 16001
20614 21565 22059 25233
25670 27308 28039 29513
30740 31733 32533 35650
36184 36542 38450 39277
40019 45136 47780 49021
671 2143 3519 4471
8109 8534 9186 10172
11653 11950 12973 13840
14516 15287 15880 16435
18121 18796 19654 20003
21415 22180 23451 24170
26058 27004 28117 29342
31210 33072 34511 36218
ΤΟ ΧΡΗΜΑΤΙΣΤΗΡΙΟΝ
Κλείσιμον Παρασκευής 10.7.1953
ΕΣΩΤΕΡΙΚΑ ΔΑΝΕΙΑ
1881 Α.	88000	1910	71000
1884 Α.	88000	1914	71000
1887 Α.	75000	1921	70000
1889 Α.	75000	1924	71000
1898 Α.	71000	1925	71000
1902 Ε.	120000	1931	71000
ΜΕΤΟΧΑΙ ΤΡΑΠΕΖΩΝ
Ἐθνικ.	1450000	Ἰονικ.	135000
Ἐμπορ.	125000	Λαϊκή	73500
Ἀθηνῶν	165000		
ΜΕΤΟΧΑΙ ΕΤΑΙΡΙΩΝ
Ε.Η.Γ.	196000	Ὄλυμ.	20000
Ἀττικ.	400000	Κλωστ.	14000
Πετρ.	450000	Ἀλατ.	16000
Βιομ.	96000	Ἐλαιουρ.	28500
Πειρ.Ηλ.	18000	Τσιμ.	42000
Ζυθ.	350000	Χαρτ.	40000
ΕΤΗΛ.	65000	ΛΑΙΜΟ	52000
ΤΕΡΖ.	70000	ΣΚΑΣ	28000
ΤΙΤΑΝ	95000	ΚΑΕΤ	16500
Νεον	200000	Ἀδαμ.	12000
Ὀργ.Γρ.	160000	Εὐρώπη	87000
ΤΙΜΗ ΧΡΥΣΗΣ ΛΙΡΑΣ 213.500
ΥΠΕΥΘΥΝΟΣ ΔΗΛΩΣΙΣ

Ο υπογεγραμμένος Φιλεμονίδης δηλώ υπευθύνως ότι ουδεμίαν σχέσιν έχω με την εταιρείαν και ότι ουδέποτε υπήρξα μέλος αυτής.

Κηδεία

Τον πολυαγαπημένον μας σύζυγον, πατέρα και πάππον

ΠΑΝΑΓΙΩΤΗΝ Β. ΚΟΥΚΙΝ

κηδεύομεν σήμερον Σάββατον, ώραν 5.30 μ.μ. εκ του Α' Νεκροταφείου. Οι φίλοι και συγγενείς παρακαλούνται όπως παρευρεθούν.

Η σύζυγος, τα τέκνα, οι εγγονοί, Π. Φρυγανίδης
